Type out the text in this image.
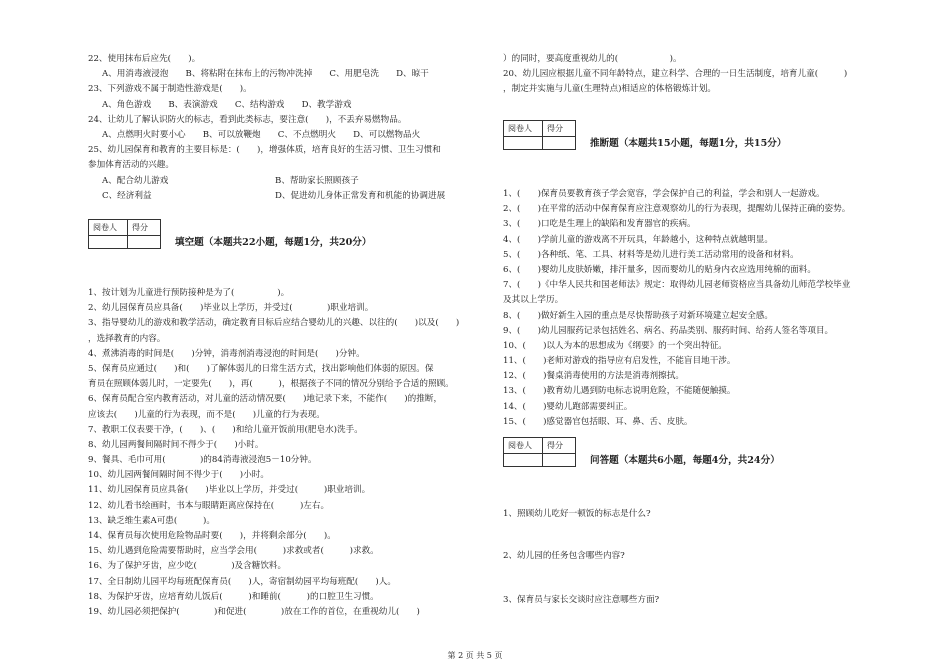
22、使用抹布后应先(　　)。
A、用消毒液浸泡　　B、将粘附在抹布上的污物冲洗掉　　C、用肥皂洗　　D、晾干
23、下列游戏不属于制造性游戏是(　　)。
A、角色游戏　　B、表演游戏　　C、结构游戏　　D、教学游戏
24、让幼儿了解认识防火的标志，看到此类标志，要注意(　　)，不丢弃易燃物品。
A、点燃明火时要小心　　B、可以放鞭炮　　C、不点燃明火　　D、可以燃物品火
25、幼儿园保育和教育的主要目标是：(　　)，增强体质，培育良好的生活习惯、卫生习惯和
参加体育活动的兴趣。
A、配合幼儿游戏	B、帮助家长照顾孩子
C、经济利益	D、促进幼儿身体正常发育和机能的协调进展
阅卷人	得分

填空题（本题共22小题，每题1分，共20分）
1、按计划为儿童进行预防接种是为了(　　　　　)。
2、幼儿园保育员应具备(　　)毕业以上学历，并受过(　　　　)职业培训。
3、指导婴幼儿的游戏和教学活动，确定教育目标后应结合婴幼儿的兴趣、以往的(　　)以及(　　)
，选择教育的内容。
4、煮沸消毒的时间是(　　)分钟，消毒剂消毒浸泡的时间是(　　)分钟。
5、保育员应通过(　　)和(　　)了解体弱儿的日常生活方式，找出影响他们体弱的原因。保
育员在照顾体弱儿时，一定要先(　　)，再(　　　)，根据孩子不同的情况分别给予合适的照顾。
6、保育员配合室内教育活动，对儿童的活动情况要(　　)地记录下来，不能作(　　)的推断，
应该去(　　)儿童的行为表现，而不是(　　)儿童的行为表现。
7、教职工仪表要干净，(　　)、(　　)和给儿童开饭前用(肥皂水)洗手。
8、幼儿园两餐间隔时间不得少于(　　)小时。
9、餐具、毛巾可用(　　　　)的84消毒液浸泡5－10分钟。
10、幼儿园两餐间隔时间不得少于(　　)小时。
11、幼儿园保育员应具备(　　)毕业以上学历，并受过(　　　)职业培训。
12、幼儿看书绘画时，书本与眼睛距离应保持在(　　　)左右。
13、缺乏维生素A可患(　　　)。
14、保育员每次使用危险物品时要(　　)，并将剩余部分(　　)。
15、幼儿遇到危险需要帮助时，应当学会用(　　　)求救或者(　　　)求救。
16、为了保护牙齿，应少吃(　　　　)及含糖饮料。
17、全日制幼儿园平均每班配保育员(　　)人，寄宿制幼园平均每班配(　　)人。
18、为保护牙齿，应培育幼儿饭后(　　　)和睡前(　　　)的口腔卫生习惯。
19、幼儿园必须把保护(　　　　)和促进(　　　　)放在工作的首位，在重视幼儿(　　)
）的同时，要高度重视幼儿的(　　　　　　)。
20、幼儿园应根据儿童不同年龄特点，建立科学、合理的一日生活制度，培育儿童(　　　)
，制定并实施与儿童(生理特点)相适应的体格锻炼计划。
阅卷人	得分

推断题（本题共15小题，每题1分，共15分）
1、(　　)保育员要教育孩子学会宽容，学会保护自己的利益，学会和别人一起游戏。
2、(　　)在平常的活动中保育保育应注意观察幼儿的行为表现，提醒幼儿保持正确的姿势。
3、(　　)口吃是生理上的缺陷和发育器官的疾病。
4、(　　)学前儿童的游戏离不开玩具，年龄越小，这种特点就越明显。
5、(　　)各种纸、笔、工具、材料等是幼儿进行美工活动常用的设备和材料。
6、(　　)婴幼儿皮肤娇嫩，排汗量多，因而婴幼儿的贴身内衣应选用纯棉的面料。
7、(　　)《中华人民共和国老师法》规定：取得幼儿园老师资格应当具备幼儿师范学校毕业
及其以上学历。
8、(　　)做好新生入园的重点是尽快帮助孩子对新环境建立起安全感。
9、(　　)幼儿园服药记录包括姓名、病名、药品类别、服药时间、给药人签名等项目。
10、(　　)以人为本的思想成为《纲要》的一个突出特征。
11、(　　)老师对游戏的指导应有启发性，不能盲目地干涉。
12、(　　)餐桌消毒使用的方法是消毒剂擦拭。
13、(　　)教育幼儿遇到防电标志说明危险，不能随便触摸。
14、(　　)婴幼儿跑部需要纠正。
15、(　　)感觉器官包括眼、耳、鼻、舌、皮肤。
阅卷人	得分

问答题（本题共6小题，每题4分，共24分）
1、照顾幼儿吃好一顿饭的标志是什么?
2、幼儿园的任务包含哪些内容?
3、保育员与家长交谈时应注意哪些方面?
第 2 页 共 5 页
